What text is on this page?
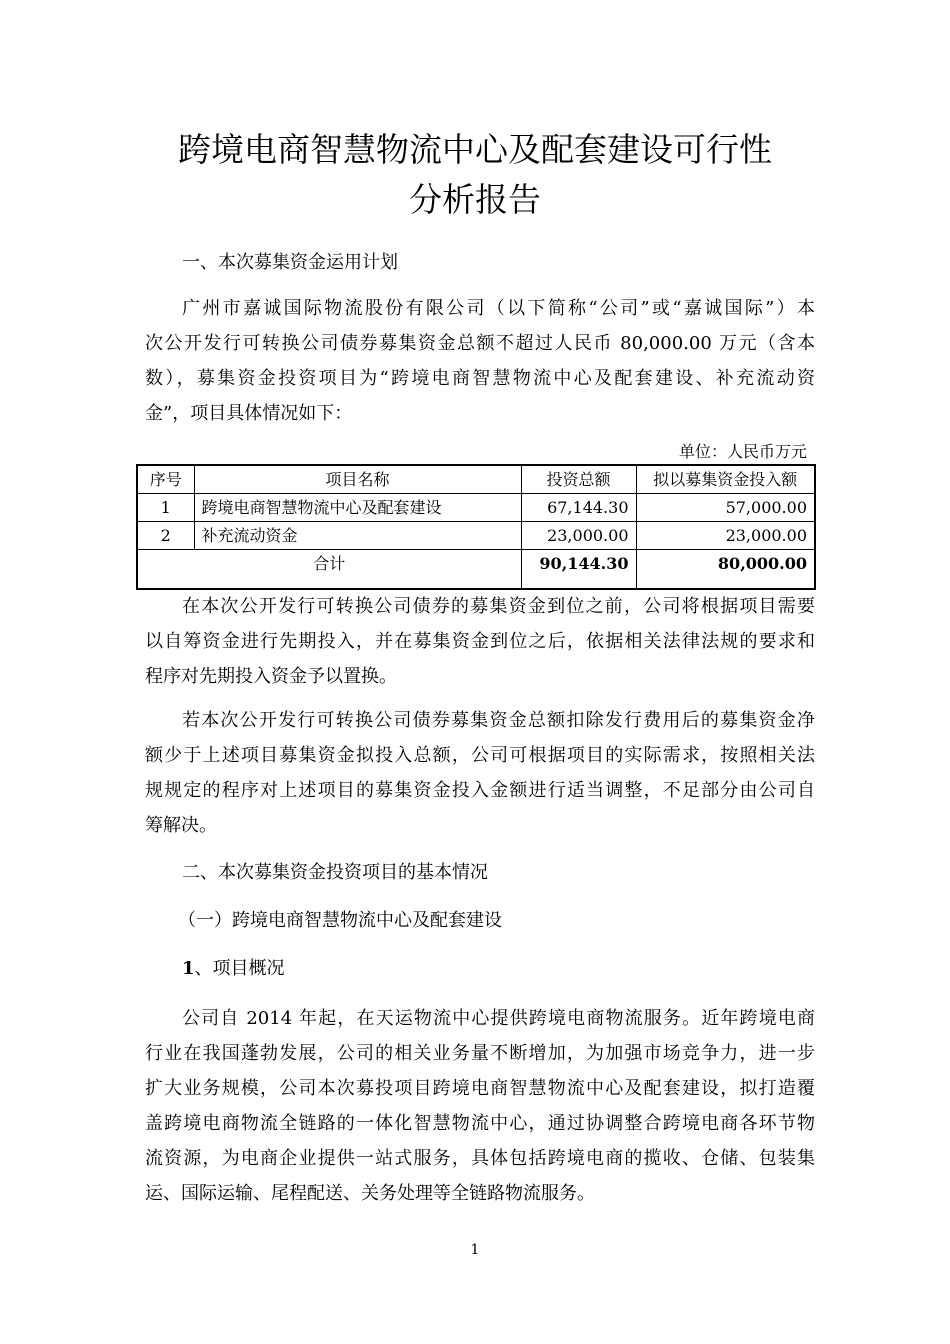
跨境电商智慧物流中心及配套建设可行性
分析报告
一、本次募集资金运用计划
广州市嘉诚国际物流股份有限公司（以下简称“公司”或“嘉诚国际”）本
次公开发行可转换公司债券募集资金总额不超过人民币 80,000.00 万元（含本
数），募集资金投资项目为“跨境电商智慧物流中心及配套建设、补充流动资
金”，项目具体情况如下：
单位：人民币万元
序号	项目名称	投资总额	拟以募集资金投入额
1	跨境电商智慧物流中心及配套建设	67,144.30	57,000.00
2	补充流动资金	23,000.00	23,000.00
合计		90,144.30	80,000.00
在本次公开发行可转换公司债券的募集资金到位之前，公司将根据项目需要
以自筹资金进行先期投入，并在募集资金到位之后，依据相关法律法规的要求和
程序对先期投入资金予以置换。
若本次公开发行可转换公司债券募集资金总额扣除发行费用后的募集资金净
额少于上述项目募集资金拟投入总额，公司可根据项目的实际需求，按照相关法
规规定的程序对上述项目的募集资金投入金额进行适当调整，不足部分由公司自
筹解决。
二、本次募集资金投资项目的基本情况
（一）跨境电商智慧物流中心及配套建设
1、项目概况
公司自 2014 年起，在天运物流中心提供跨境电商物流服务。近年跨境电商
行业在我国蓬勃发展，公司的相关业务量不断增加，为加强市场竞争力，进一步
扩大业务规模，公司本次募投项目跨境电商智慧物流中心及配套建设，拟打造覆
盖跨境电商物流全链路的一体化智慧物流中心，通过协调整合跨境电商各环节物
流资源，为电商企业提供一站式服务，具体包括跨境电商的揽收、仓储、包装集
运、国际运输、尾程配送、关务处理等全链路物流服务。
1
